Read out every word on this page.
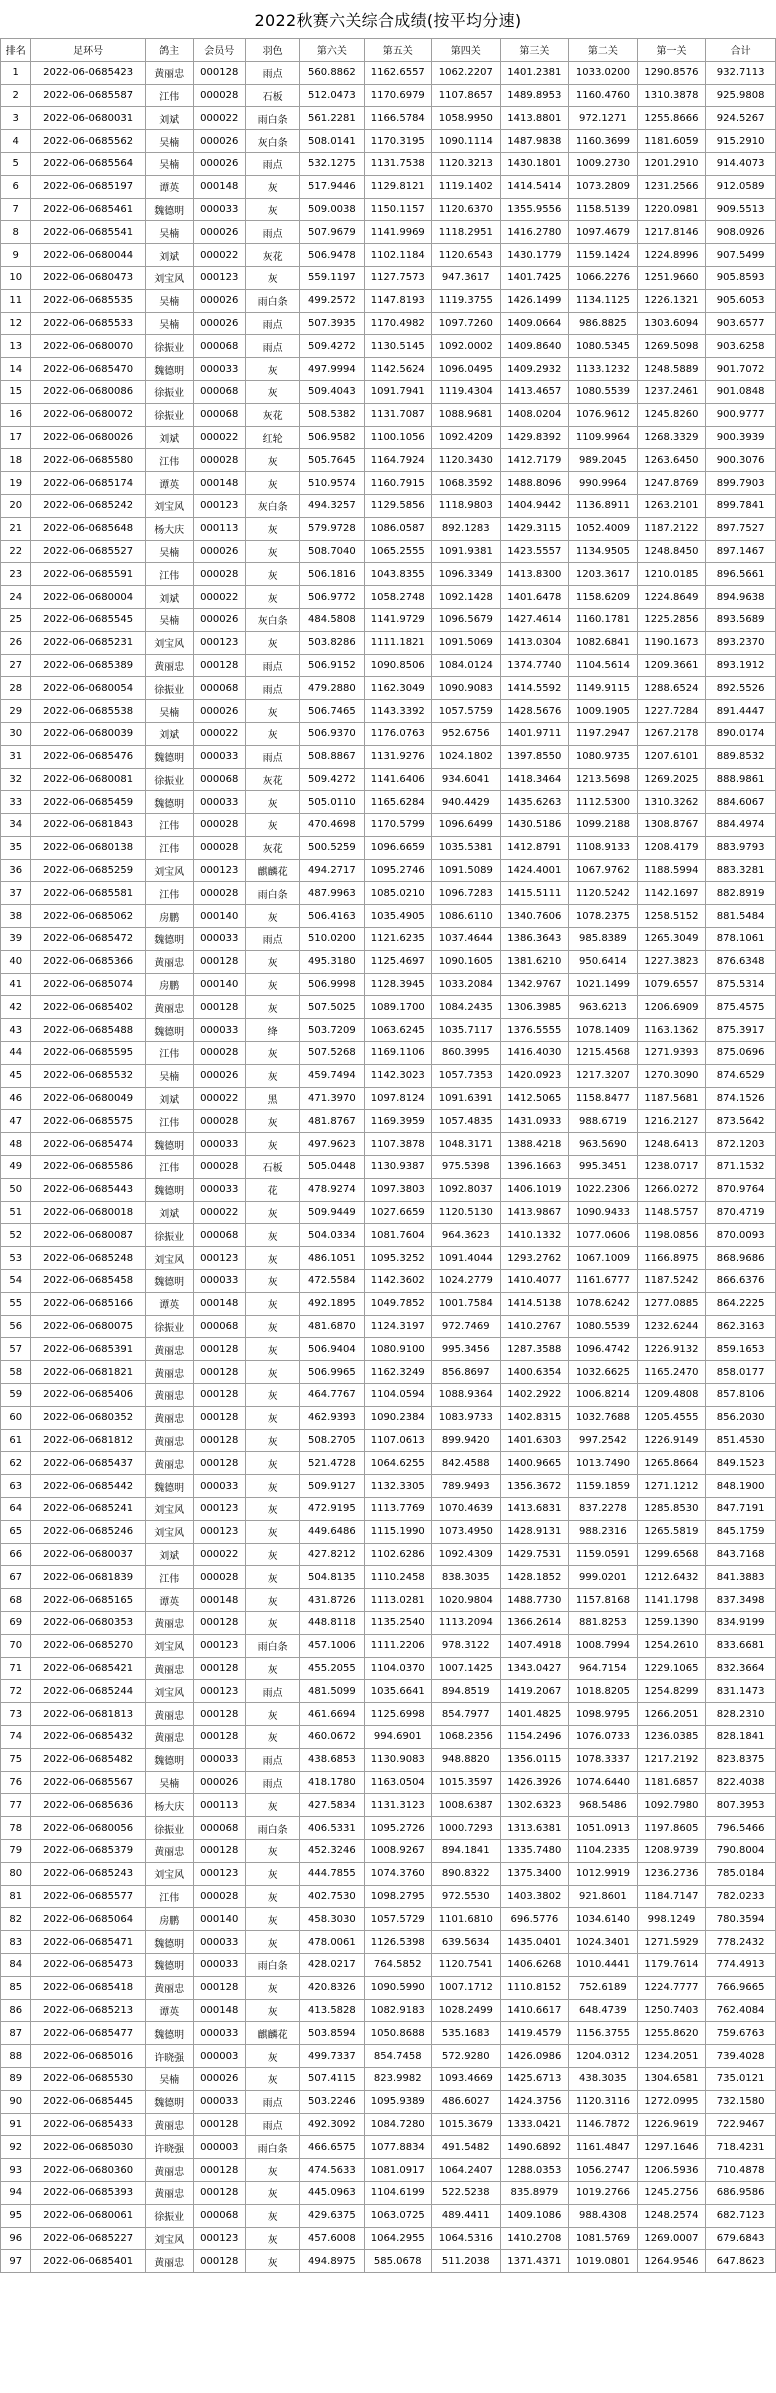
2022秋赛六关综合成绩(按平均分速)
排名	足环号	鸽主	会员号	羽色	第六关	第五关	第四关	第三关	第二关	第一关	合计
1	2022-06-0685423	黄丽忠	000128	雨点	560.8862	1162.6557	1062.2207	1401.2381	1033.0200	1290.8576	932.7113
2	2022-06-0685587	江伟	000028	石板	512.0473	1170.6979	1107.8657	1489.8953	1160.4760	1310.3878	925.9808
3	2022-06-0680031	刘斌	000022	雨白条	561.2281	1166.5784	1058.9950	1413.8801	972.1271	1255.8666	924.5267
4	2022-06-0685562	吴楠	000026	灰白条	508.0141	1170.3195	1090.1114	1487.9838	1160.3699	1181.6059	915.2910
5	2022-06-0685564	吴楠	000026	雨点	532.1275	1131.7538	1120.3213	1430.1801	1009.2730	1201.2910	914.4073
6	2022-06-0685197	谭英	000148	灰	517.9446	1129.8121	1119.1402	1414.5414	1073.2809	1231.2566	912.0589
7	2022-06-0685461	魏德明	000033	灰	509.0038	1150.1157	1120.6370	1355.9556	1158.5139	1220.0981	909.5513
8	2022-06-0685541	吴楠	000026	雨点	507.9679	1141.9969	1118.2951	1416.2780	1097.4679	1217.8146	908.0926
9	2022-06-0680044	刘斌	000022	灰花	506.9478	1102.1184	1120.6543	1430.1779	1159.1424	1224.8996	907.5499
10	2022-06-0680473	刘宝风	000123	灰	559.1197	1127.7573	947.3617	1401.7425	1066.2276	1251.9660	905.8593
11	2022-06-0685535	吴楠	000026	雨白条	499.2572	1147.8193	1119.3755	1426.1499	1134.1125	1226.1321	905.6053
12	2022-06-0685533	吴楠	000026	雨点	507.3935	1170.4982	1097.7260	1409.0664	986.8825	1303.6094	903.6577
13	2022-06-0680070	徐振业	000068	雨点	509.4272	1130.5145	1092.0002	1409.8640	1080.5345	1269.5098	903.6258
14	2022-06-0685470	魏德明	000033	灰	497.9994	1142.5624	1096.0495	1409.2932	1133.1232	1248.5889	901.7072
15	2022-06-0680086	徐振业	000068	灰	509.4043	1091.7941	1119.4304	1413.4657	1080.5539	1237.2461	901.0848
16	2022-06-0680072	徐振业	000068	灰花	508.5382	1131.7087	1088.9681	1408.0204	1076.9612	1245.8260	900.9777
17	2022-06-0680026	刘斌	000022	红轮	506.9582	1100.1056	1092.4209	1429.8392	1109.9964	1268.3329	900.3939
18	2022-06-0685580	江伟	000028	灰	505.7645	1164.7924	1120.3430	1412.7179	989.2045	1263.6450	900.3076
19	2022-06-0685174	谭英	000148	灰	510.9574	1160.7915	1068.3592	1488.8096	990.9964	1247.8769	899.7903
20	2022-06-0685242	刘宝风	000123	灰白条	494.3257	1129.5856	1118.9803	1404.9442	1136.8911	1263.2101	899.7841
21	2022-06-0685648	杨大庆	000113	灰	579.9728	1086.0587	892.1283	1429.3115	1052.4009	1187.2122	897.7527
22	2022-06-0685527	吴楠	000026	灰	508.7040	1065.2555	1091.9381	1423.5557	1134.9505	1248.8450	897.1467
23	2022-06-0685591	江伟	000028	灰	506.1816	1043.8355	1096.3349	1413.8300	1203.3617	1210.0185	896.5661
24	2022-06-0680004	刘斌	000022	灰	506.9772	1058.2748	1092.1428	1401.6478	1158.6209	1224.8649	894.9638
25	2022-06-0685545	吴楠	000026	灰白条	484.5808	1141.9729	1096.5679	1427.4614	1160.1781	1225.2856	893.5689
26	2022-06-0685231	刘宝风	000123	灰	503.8286	1111.1821	1091.5069	1413.0304	1082.6841	1190.1673	893.2370
27	2022-06-0685389	黄丽忠	000128	雨点	506.9152	1090.8506	1084.0124	1374.7740	1104.5614	1209.3661	893.1912
28	2022-06-0680054	徐振业	000068	雨点	479.2880	1162.3049	1090.9083	1414.5592	1149.9115	1288.6524	892.5526
29	2022-06-0685538	吴楠	000026	灰	506.7465	1143.3392	1057.5759	1428.5676	1009.1905	1227.7284	891.4447
30	2022-06-0680039	刘斌	000022	灰	506.9370	1176.0763	952.6756	1401.9711	1197.2947	1267.2178	890.0174
31	2022-06-0685476	魏德明	000033	雨点	508.8867	1131.9276	1024.1802	1397.8550	1080.9735	1207.6101	889.8532
32	2022-06-0680081	徐振业	000068	灰花	509.4272	1141.6406	934.6041	1418.3464	1213.5698	1269.2025	888.9861
33	2022-06-0685459	魏德明	000033	灰	505.0110	1165.6284	940.4429	1435.6263	1112.5300	1310.3262	884.6067
34	2022-06-0681843	江伟	000028	灰	470.4698	1170.5799	1096.6499	1430.5186	1099.2188	1308.8767	884.4974
35	2022-06-0680138	江伟	000028	灰花	500.5259	1096.6659	1035.5381	1412.8791	1108.9133	1208.4179	883.9793
36	2022-06-0685259	刘宝风	000123	麒麟花	494.2717	1095.2746	1091.5089	1424.4001	1067.9762	1188.5994	883.3281
37	2022-06-0685581	江伟	000028	雨白条	487.9963	1085.0210	1096.7283	1415.5111	1120.5242	1142.1697	882.8919
38	2022-06-0685062	房鹏	000140	灰	506.4163	1035.4905	1086.6110	1340.7606	1078.2375	1258.5152	881.5484
39	2022-06-0685472	魏德明	000033	雨点	510.0200	1121.6235	1037.4644	1386.3643	985.8389	1265.3049	878.1061
40	2022-06-0685366	黄丽忠	000128	灰	495.3180	1125.4697	1090.1605	1381.6210	950.6414	1227.3823	876.6348
41	2022-06-0685074	房鹏	000140	灰	506.9998	1128.3945	1033.2084	1342.9767	1021.1499	1079.6557	875.5314
42	2022-06-0685402	黄丽忠	000128	灰	507.5025	1089.1700	1084.2435	1306.3985	963.6213	1206.6909	875.4575
43	2022-06-0685488	魏德明	000033	绛	503.7209	1063.6245	1035.7117	1376.5555	1078.1409	1163.1362	875.3917
44	2022-06-0685595	江伟	000028	灰	507.5268	1169.1106	860.3995	1416.4030	1215.4568	1271.9393	875.0696
45	2022-06-0685532	吴楠	000026	灰	459.7494	1142.3023	1057.7353	1420.0923	1217.3207	1270.3090	874.6529
46	2022-06-0680049	刘斌	000022	黑	471.3970	1097.8124	1091.6391	1412.5065	1158.8477	1187.5681	874.1526
47	2022-06-0685575	江伟	000028	灰	481.8767	1169.3959	1057.4835	1431.0933	988.6719	1216.2127	873.5642
48	2022-06-0685474	魏德明	000033	灰	497.9623	1107.3878	1048.3171	1388.4218	963.5690	1248.6413	872.1203
49	2022-06-0685586	江伟	000028	石板	505.0448	1130.9387	975.5398	1396.1663	995.3451	1238.0717	871.1532
50	2022-06-0685443	魏德明	000033	花	478.9274	1097.3803	1092.8037	1406.1019	1022.2306	1266.0272	870.9764
51	2022-06-0680018	刘斌	000022	灰	509.9449	1027.6659	1120.5130	1413.9867	1090.9433	1148.5757	870.4719
52	2022-06-0680087	徐振业	000068	灰	504.0334	1081.7604	964.3623	1410.1332	1077.0606	1198.0856	870.0093
53	2022-06-0685248	刘宝风	000123	灰	486.1051	1095.3252	1091.4044	1293.2762	1067.1009	1166.8975	868.9686
54	2022-06-0685458	魏德明	000033	灰	472.5584	1142.3602	1024.2779	1410.4077	1161.6777	1187.5242	866.6376
55	2022-06-0685166	谭英	000148	灰	492.1895	1049.7852	1001.7584	1414.5138	1078.6242	1277.0885	864.2225
56	2022-06-0680075	徐振业	000068	灰	481.6870	1124.3197	972.7469	1410.2767	1080.5539	1232.6244	862.3163
57	2022-06-0685391	黄丽忠	000128	灰	506.9404	1080.9100	995.3456	1287.3588	1096.4742	1226.9132	859.1653
58	2022-06-0681821	黄丽忠	000128	灰	506.9965	1162.3249	856.8697	1400.6354	1032.6625	1165.2470	858.0177
59	2022-06-0685406	黄丽忠	000128	灰	464.7767	1104.0594	1088.9364	1402.2922	1006.8214	1209.4808	857.8106
60	2022-06-0680352	黄丽忠	000128	灰	462.9393	1090.2384	1083.9733	1402.8315	1032.7688	1205.4555	856.2030
61	2022-06-0681812	黄丽忠	000128	灰	508.2705	1107.0613	899.9420	1401.6303	997.2542	1226.9149	851.4530
62	2022-06-0685437	黄丽忠	000128	灰	521.4728	1064.6255	842.4588	1400.9665	1013.7490	1265.8664	849.1523
63	2022-06-0685442	魏德明	000033	灰	509.9127	1132.3305	789.9493	1356.3672	1159.1859	1271.1212	848.1900
64	2022-06-0685241	刘宝风	000123	灰	472.9195	1113.7769	1070.4639	1413.6831	837.2278	1285.8530	847.7191
65	2022-06-0685246	刘宝风	000123	灰	449.6486	1115.1990	1073.4950	1428.9131	988.2316	1265.5819	845.1759
66	2022-06-0680037	刘斌	000022	灰	427.8212	1102.6286	1092.4309	1429.7531	1159.0591	1299.6568	843.7168
67	2022-06-0681839	江伟	000028	灰	504.8135	1110.2458	838.3035	1428.1852	999.0201	1212.6432	841.3883
68	2022-06-0685165	谭英	000148	灰	431.8726	1113.0281	1020.9804	1488.7730	1157.8168	1141.1798	837.3498
69	2022-06-0680353	黄丽忠	000128	灰	448.8118	1135.2540	1113.2094	1366.2614	881.8253	1259.1390	834.9199
70	2022-06-0685270	刘宝风	000123	雨白条	457.1006	1111.2206	978.3122	1407.4918	1008.7994	1254.2610	833.6681
71	2022-06-0685421	黄丽忠	000128	灰	455.2055	1104.0370	1007.1425	1343.0427	964.7154	1229.1065	832.3664
72	2022-06-0685244	刘宝风	000123	雨点	481.5099	1035.6641	894.8519	1419.2067	1018.8205	1254.8299	831.1473
73	2022-06-0681813	黄丽忠	000128	灰	461.6694	1125.6998	854.7977	1401.4825	1098.9795	1266.2051	828.2310
74	2022-06-0685432	黄丽忠	000128	灰	460.0672	994.6901	1068.2356	1154.2496	1076.0733	1236.0385	828.1841
75	2022-06-0685482	魏德明	000033	雨点	438.6853	1130.9083	948.8820	1356.0115	1078.3337	1217.2192	823.8375
76	2022-06-0685567	吴楠	000026	雨点	418.1780	1163.0504	1015.3597	1426.3926	1074.6440	1181.6857	822.4038
77	2022-06-0685636	杨大庆	000113	灰	427.5834	1131.3123	1008.6387	1302.6323	968.5486	1092.7980	807.3953
78	2022-06-0680056	徐振业	000068	雨白条	406.5331	1095.2726	1000.7293	1313.6381	1051.0913	1197.8605	796.5466
79	2022-06-0685379	黄丽忠	000128	灰	452.3246	1008.9267	894.1841	1335.7480	1104.2335	1208.9739	790.8004
80	2022-06-0685243	刘宝风	000123	灰	444.7855	1074.3760	890.8322	1375.3400	1012.9919	1236.2736	785.0184
81	2022-06-0685577	江伟	000028	灰	402.7530	1098.2795	972.5530	1403.3802	921.8601	1184.7147	782.0233
82	2022-06-0685064	房鹏	000140	灰	458.3030	1057.5729	1101.6810	696.5776	1034.6140	998.1249	780.3594
83	2022-06-0685471	魏德明	000033	灰	478.0061	1126.5398	639.5634	1435.0401	1024.3401	1271.5929	778.2432
84	2022-06-0685473	魏德明	000033	雨白条	428.0217	764.5852	1120.7541	1406.6268	1010.4441	1179.7614	774.4913
85	2022-06-0685418	黄丽忠	000128	灰	420.8326	1090.5990	1007.1712	1110.8152	752.6189	1224.7777	766.9665
86	2022-06-0685213	谭英	000148	灰	413.5828	1082.9183	1028.2499	1410.6617	648.4739	1250.7403	762.4084
87	2022-06-0685477	魏德明	000033	麒麟花	503.8594	1050.8688	535.1683	1419.4579	1156.3755	1255.8620	759.6763
88	2022-06-0685016	许晓强	000003	灰	499.7337	854.7458	572.9280	1426.0986	1204.0312	1234.2051	739.4028
89	2022-06-0685530	吴楠	000026	灰	507.4115	823.9982	1093.4669	1425.6713	438.3035	1304.6581	735.0121
90	2022-06-0685445	魏德明	000033	雨点	503.2246	1095.9389	486.6027	1424.3756	1120.3116	1272.0995	732.1580
91	2022-06-0685433	黄丽忠	000128	雨点	492.3092	1084.7280	1015.3679	1333.0421	1146.7872	1226.9619	722.9467
92	2022-06-0685030	许晓强	000003	雨白条	466.6575	1077.8834	491.5482	1490.6892	1161.4847	1297.1646	718.4231
93	2022-06-0680360	黄丽忠	000128	灰	474.5633	1081.0917	1064.2407	1288.0353	1056.2747	1206.5936	710.4878
94	2022-06-0685393	黄丽忠	000128	灰	445.0963	1104.6199	522.5238	835.8979	1019.2766	1245.2756	686.9586
95	2022-06-0680061	徐振业	000068	灰	429.6375	1063.0725	489.4411	1409.1086	988.4308	1248.2574	682.7123
96	2022-06-0685227	刘宝风	000123	灰	457.6008	1064.2955	1064.5316	1410.2708	1081.5769	1269.0007	679.6843
97	2022-06-0685401	黄丽忠	000128	灰	494.8975	585.0678	511.2038	1371.4371	1019.0801	1264.9546	647.8623
